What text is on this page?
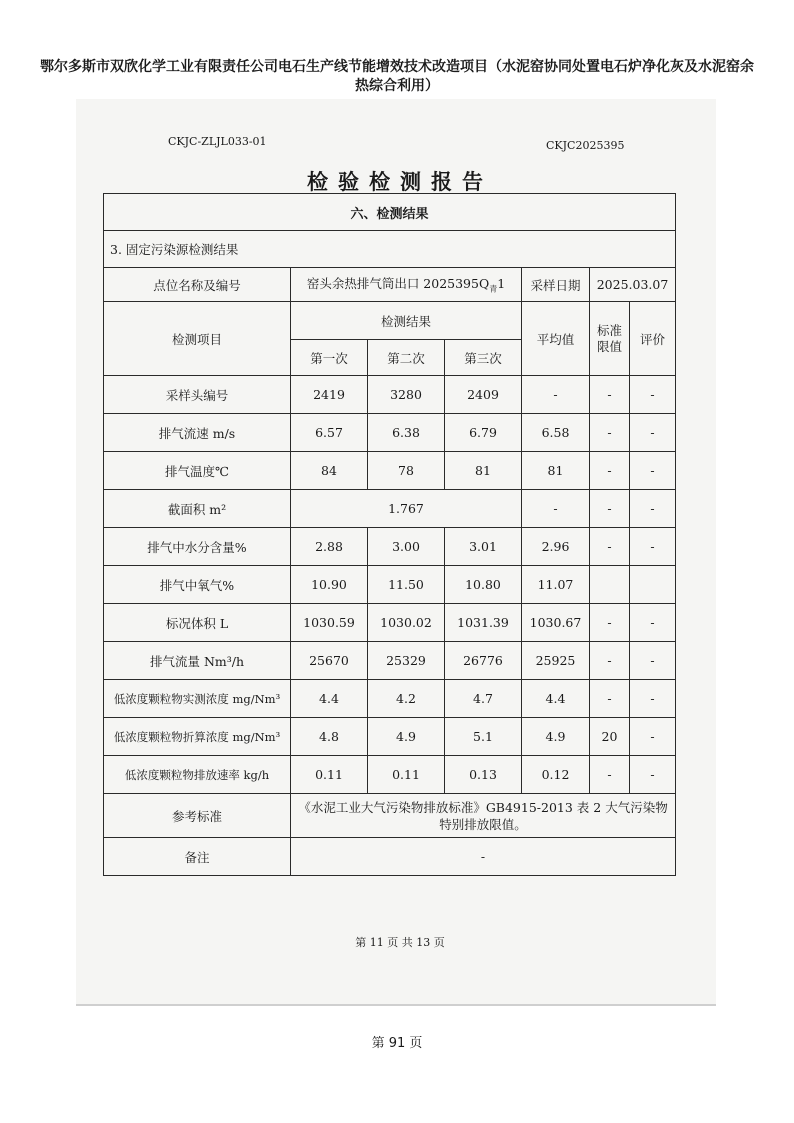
鄂尔多斯市双欣化学工业有限责任公司电石生产线节能增效技术改造项目（水泥窑协同处置电石炉净化灰及水泥窑余热综合利用）
CKJC-ZLJL033-01	CKJC2025395
检验检测报告
六、检测结果						
3. 固定污染源检测结果						
点位名称及编号	窑头余热排气筒出口 $2025395Q_青1$			采样日期	2025.03.07	
检测项目	检测结果			平均值	标准限值	评价
	第一次	第二次	第三次			
采样头编号	2419	3280	2409	-	-	-
排气流速 m/s	6.57	6.38	6.79	6.58	-	-
排气温度℃	84	78	81	81	-	-
截面积 m²	1.767			-	-	-
排气中水分含量%	2.88	3.00	3.01	2.96	-	-
排气中氧气%	10.90	11.50	10.80	11.07		
标况体积 L	1030.59	1030.02	1031.39	1030.67	-	-
排气流量 Nm³/h	25670	25329	26776	25925	-	-
低浓度颗粒物实测浓度 mg/Nm³	4.4	4.2	4.7	4.4	-	-
低浓度颗粒物折算浓度 mg/Nm³	4.8	4.9	5.1	4.9	20	-
低浓度颗粒物排放速率 kg/h	0.11	0.11	0.13	0.12	-	-
参考标准	《水泥工业大气污染物排放标准》GB4915-2013 表 2 大气污染物特别排放限值。					
备注	-					
第 11 页 共 13 页
第 91 页
